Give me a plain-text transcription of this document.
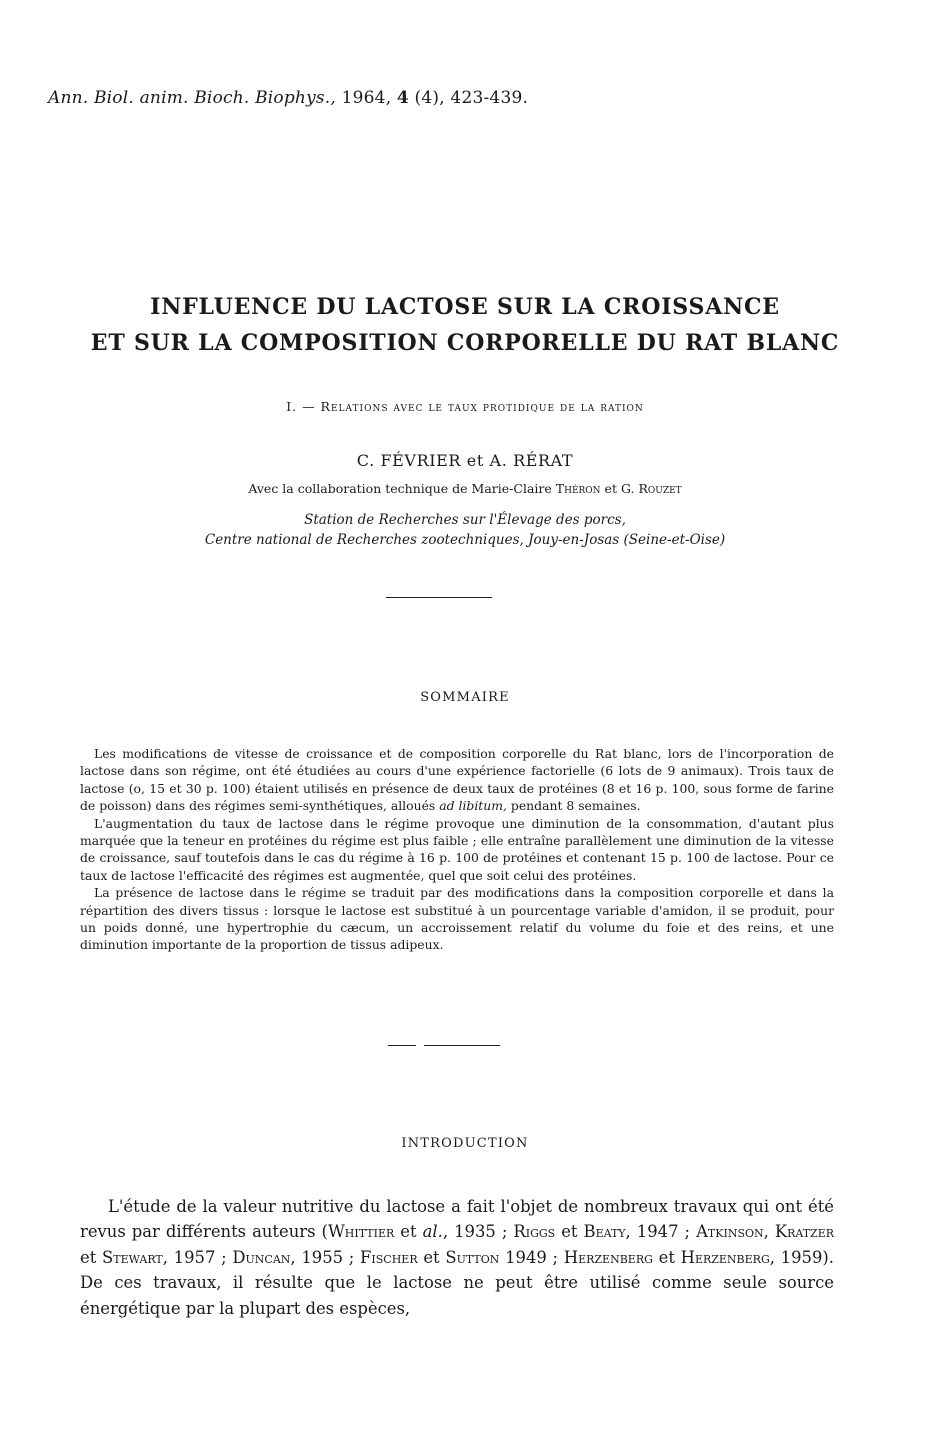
Ann. Biol. anim. Bioch. Biophys., 1964, 4 (4), 423-439.
INFLUENCE DU LACTOSE SUR LA CROISSANCE
ET SUR LA COMPOSITION CORPORELLE DU RAT BLANC
I. — Relations avec le taux protidique de la ration
C. FÉVRIER et A. RÉRAT
Avec la collaboration technique de Marie-Claire Théron et G. Rouzet
Station de Recherches sur l'Élevage des porcs,
Centre national de Recherches zootechniques, Jouy-en-Josas (Seine-et-Oise)
SOMMAIRE

Les modifications de vitesse de croissance et de composition corporelle du Rat blanc, lors de l'incorporation de lactose dans son régime, ont été étudiées au cours d'une expérience factorielle (6 lots de 9 animaux). Trois taux de lactose (o, 15 et 30 p. 100) étaient utilisés en présence de deux taux de protéines (8 et 16 p. 100, sous forme de farine de poisson) dans des régimes semi-synthétiques, alloués ad libitum, pendant 8 semaines.

L'augmentation du taux de lactose dans le régime provoque une diminution de la consommation, d'autant plus marquée que la teneur en protéines du régime est plus faible ; elle entraîne parallèlement une diminution de la vitesse de croissance, sauf toutefois dans le cas du régime à 16 p. 100 de protéines et contenant 15 p. 100 de lactose. Pour ce taux de lactose l'efficacité des régimes est augmentée, quel que soit celui des protéines.

La présence de lactose dans le régime se traduit par des modifications dans la composition corporelle et dans la répartition des divers tissus : lorsque le lactose est substitué à un pourcentage variable d'amidon, il se produit, pour un poids donné, une hypertrophie du cæcum, un accroissement relatif du volume du foie et des reins, et une diminution importante de la proportion de tissus adipeux.

INTRODUCTION

L'étude de la valeur nutritive du lactose a fait l'objet de nombreux travaux qui ont été revus par différents auteurs (Whittier et al., 1935 ; Riggs et Beaty, 1947 ; Atkinson, Kratzer et Stewart, 1957 ; Duncan, 1955 ; Fischer et Sutton 1949 ; Herzenberg et Herzenberg, 1959). De ces travaux, il résulte que le lactose ne peut être utilisé comme seule source énergétique par la plupart des espèces,
